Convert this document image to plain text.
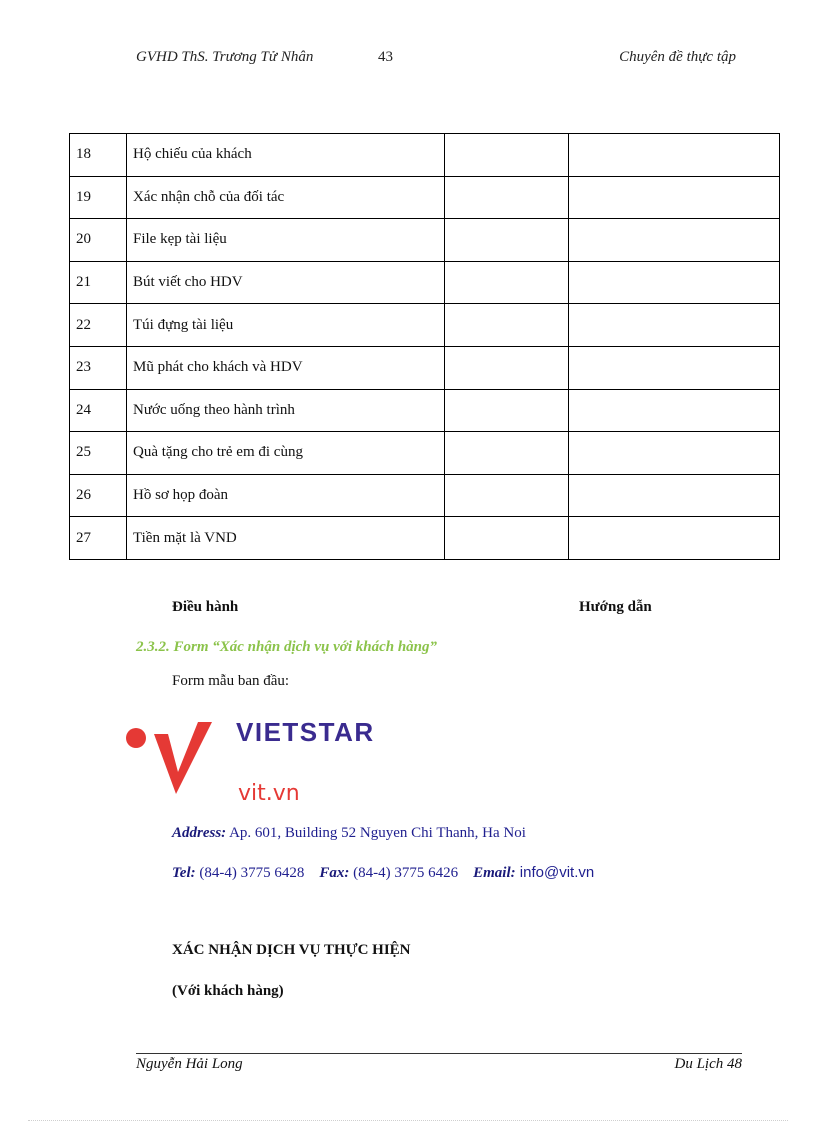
GVHD ThS. Trương Tử Nhân	43	Chuyên đề thực tập
18	Hộ chiếu của khách		
19	Xác nhận chỗ của đối tác		
20	File kẹp tài liệu		
21	Bút viết cho HDV		
22	Túi đựng tài liệu		
23	Mũ phát cho khách và HDV		
24	Nước uống theo hành trình		
25	Quà tặng cho trẻ em đi cùng		
26	Hồ sơ họp đoàn		
27	Tiền mặt là VND		
Điều hành	Hướng dẫn
2.3.2. Form “Xác nhận dịch vụ với khách hàng”
Form mẫu ban đầu:
VIETSTAR
vit.vn
Address: Ap. 601, Building 52 Nguyen Chi Thanh, Ha Noi
Tel: (84-4) 3775 6428 Fax: (84-4) 3775 6426 Email: info@vit.vn
XÁC NHẬN DỊCH VỤ THỰC HIỆN
(Với khách hàng)
Nguyễn Hải Long	Du Lịch 48
